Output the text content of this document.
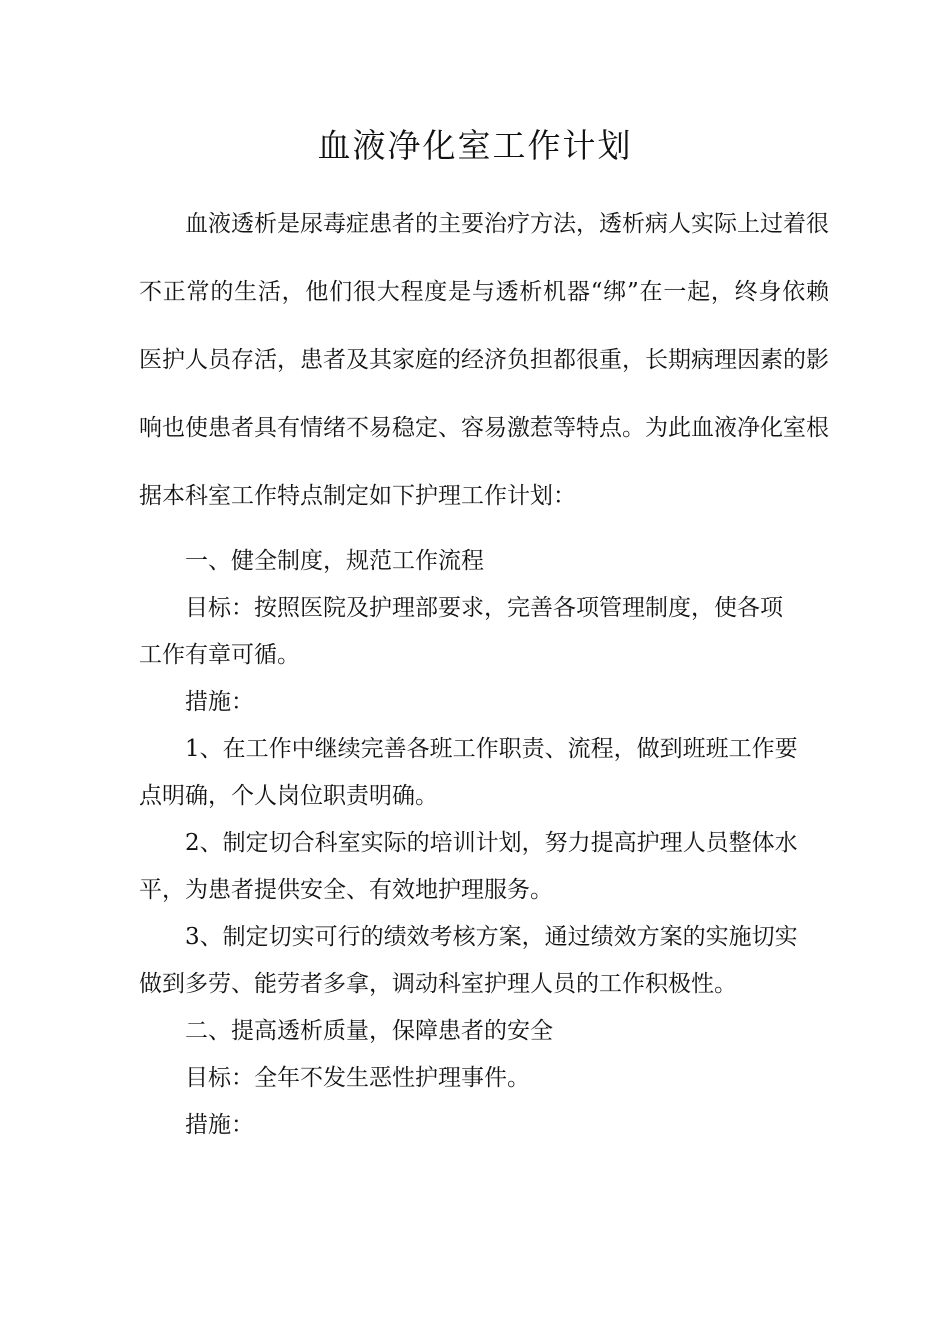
血液净化室工作计划

血液透析是尿毒症患者的主要治疗方法，透析病人实际上过着很不正常的生活，他们很大程度是与透析机器“绑”在一起，终身依赖医护人员存活，患者及其家庭的经济负担都很重，长期病理因素的影响也使患者具有情绪不易稳定、容易激惹等特点。为此血液净化室根据本科室工作特点制定如下护理工作计划：

一、健全制度，规范工作流程

目标：按照医院及护理部要求，完善各项管理制度，使各项工作有章可循。

措施：

1、在工作中继续完善各班工作职责、流程，做到班班工作要点明确，个人岗位职责明确。

2、制定切合科室实际的培训计划，努力提高护理人员整体水平，为患者提供安全、有效地护理服务。

3、制定切实可行的绩效考核方案，通过绩效方案的实施切实做到多劳、能劳者多拿，调动科室护理人员的工作积极性。

二、提高透析质量，保障患者的安全

目标：全年不发生恶性护理事件。

措施：
